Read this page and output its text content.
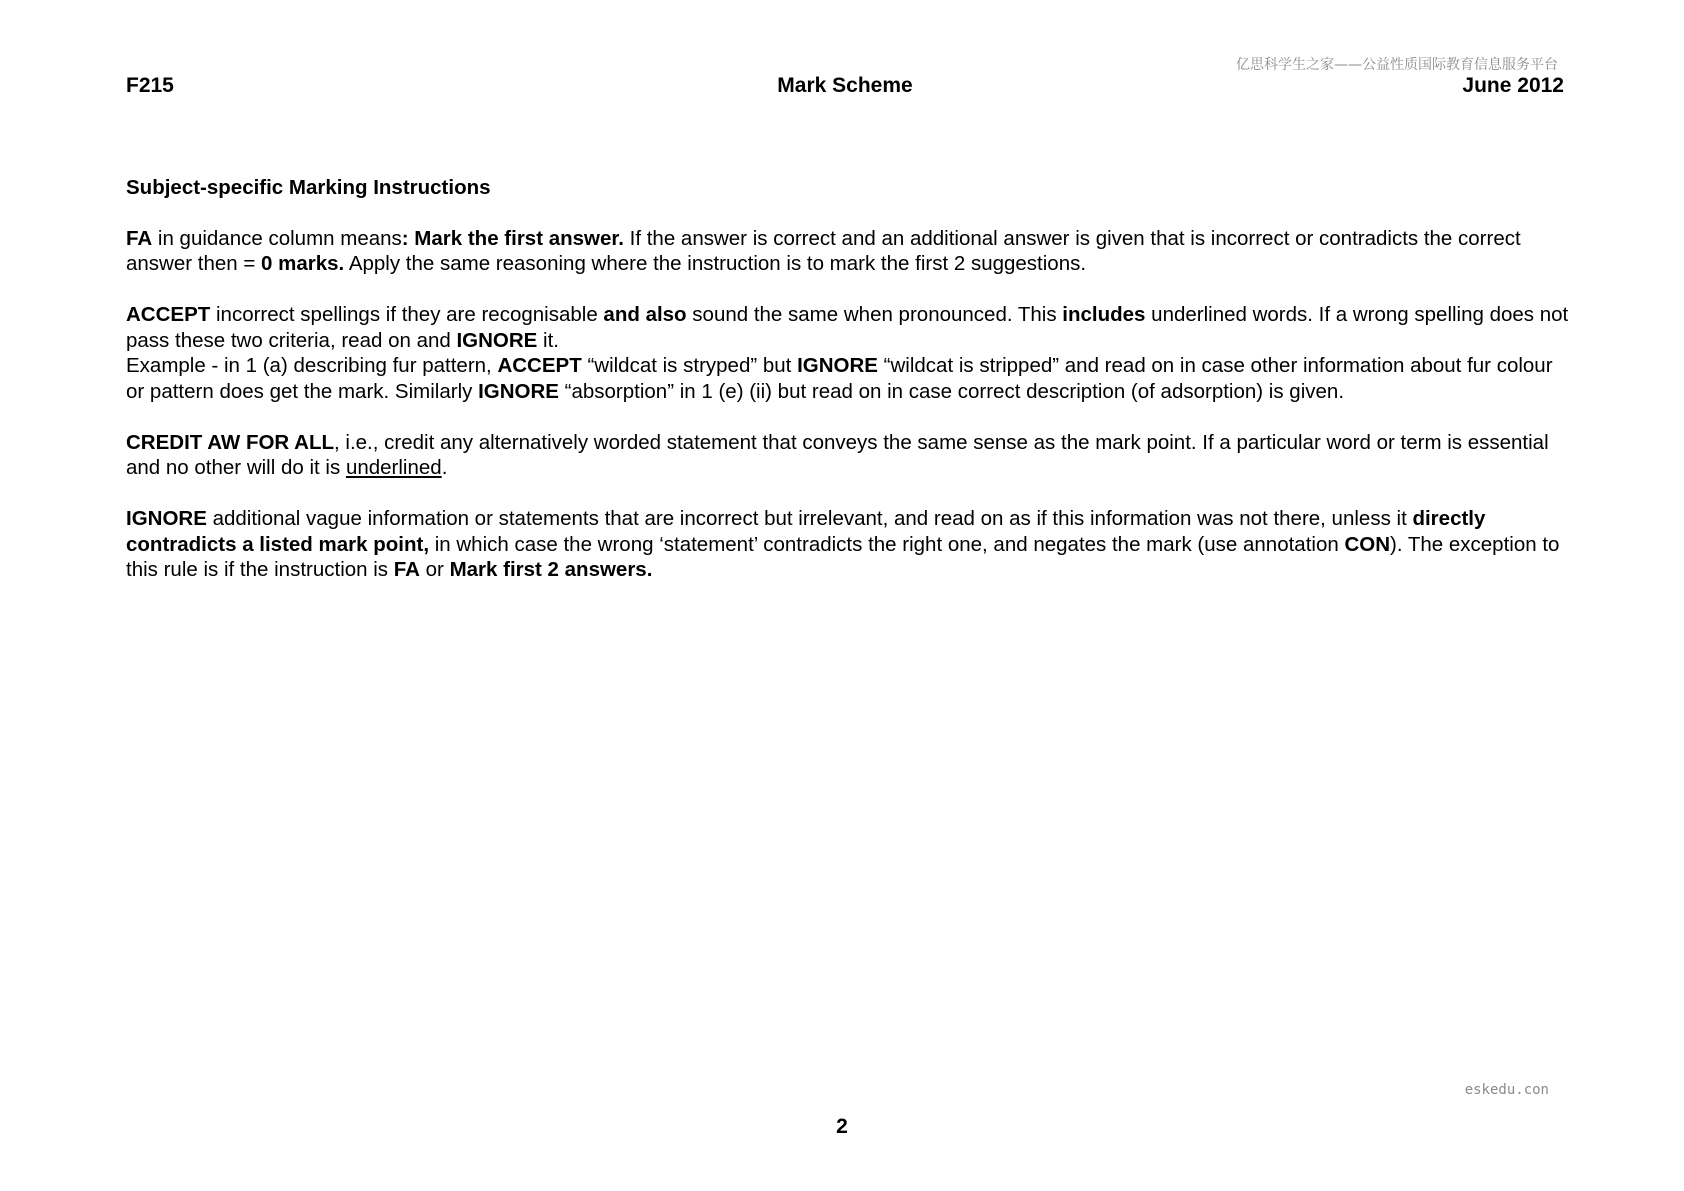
亿思科学生之家——公益性质国际教育信息服务平台
F215	Mark Scheme	June 2012
Subject-specific Marking Instructions

FA in guidance column means: Mark the first answer. If the answer is correct and an additional answer is given that is incorrect or contradicts the correct answer then = 0 marks. Apply the same reasoning where the instruction is to mark the first 2 suggestions.

ACCEPT incorrect spellings if they are recognisable and also sound the same when pronounced. This includes underlined words. If a wrong spelling does not pass these two criteria, read on and IGNORE it.

Example - in 1 (a) describing fur pattern, ACCEPT “wildcat is stryped” but IGNORE “wildcat is stripped” and read on in case other information about fur colour or pattern does get the mark. Similarly IGNORE “absorption” in 1 (e) (ii) but read on in case correct description (of adsorption) is given.

CREDIT AW FOR ALL, i.e., credit any alternatively worded statement that conveys the same sense as the mark point. If a particular word or term is essential and no other will do it is underlined.

IGNORE additional vague information or statements that are incorrect but irrelevant, and read on as if this information was not there, unless it directly contradicts a listed mark point, in which case the wrong ‘statement’ contradicts the right one, and negates the mark (use annotation CON). The exception to this rule is if the instruction is FA or Mark first 2 answers.

eskedu.con
2
